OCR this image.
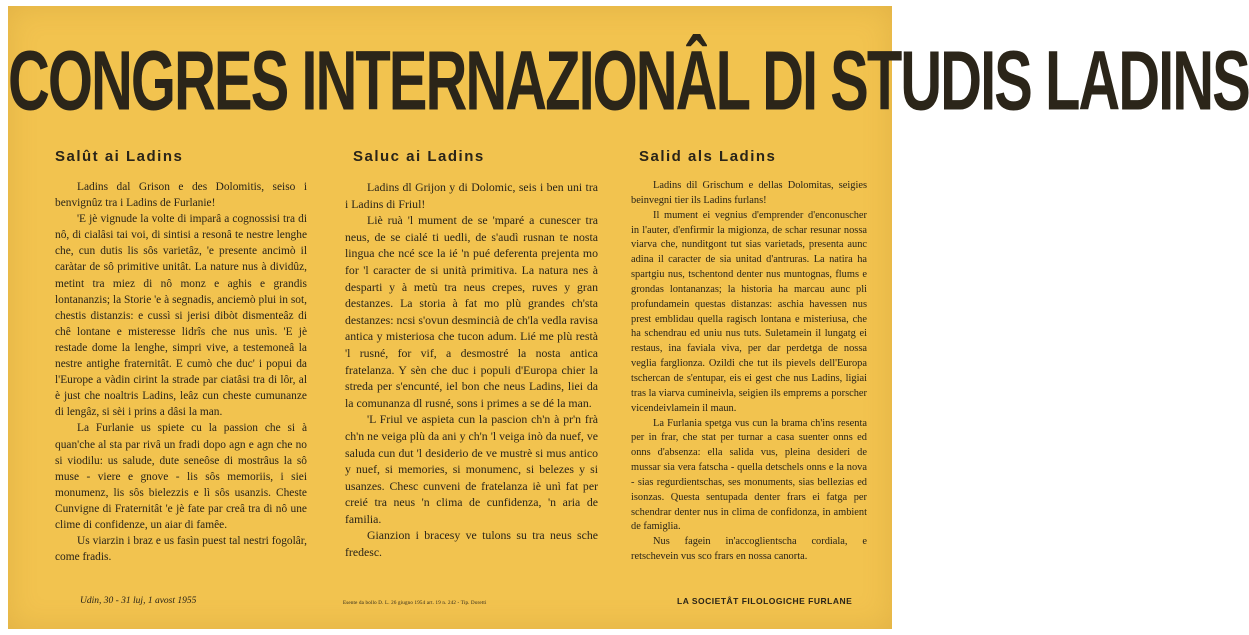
CONGRES INTERNAZIONÂL DI STUDIS LADINS
Salût ai Ladins

Ladins dal Grison e des Dolomitis, seiso i benvignûz tra i Ladins de Furlanie!

'E jè vignude la volte di imparâ a cognossisi tra di nô, di cialâsi tai voi, di sintisi a resonâ te nestre lenghe che, cun dutis lis sôs varietâz, 'e presente ancimò il caràtar de sô primitive unitât. La nature nus à dividûz, metint tra miez di nô monz e aghis e grandis lontananzis; la Storie 'e à segnadis, anciemò plui in sot, chestis distanzis: e cussì si jerisi dibòt dismenteâz di chê lontane e misteresse lidrîs che nus unìs. 'E jè restade dome la lenghe, simpri vive, a testemoneâ la nestre antighe fraternitât. E cumò che duc' i popui da l'Europe a vàdin cirint la strade par ciatâsi tra di lôr, al è just che noaltris Ladins, leâz cun cheste cumunanze di lengâz, si sèi i prins a dâsi la man.

La Furlanie us spiete cu la passion che si à quan'che al sta par rivâ un fradi dopo agn e agn che no si viodilu: us salude, dute seneôse di mostrâus la sô muse - viere e gnove - lis sôs memoriis, i siei monumenz, lis sôs bielezzis e lì sôs usanzis. Cheste Cunvigne di Fraternitât 'e jè fate par creâ tra di nô une clime di confidenze, un aiar di famêe.

Us viarzin i braz e us fasìn puest tal nestri fogolâr, come fradis.

Saluc ai Ladins

Ladins dl Grijon y di Dolomic, seis i ben uni tra i Ladins di Friul!

Liè ruà 'l mument de se 'mparé a cunescer tra neus, de se cialé ti uedli, de s'audì rusnan te nosta lingua che ncé sce la ié 'n pué deferenta prejenta mo for 'l caracter de si unità primitiva. La natura nes à desparti y à metù tra neus crepes, ruves y gran destanzes. La storia à fat mo plù grandes ch'sta destanzes: ncsi s'ovun desmincià de ch'la vedla ravisa antica y misteriosa che tucon adum. Lié me plù restà 'l rusné, for vif, a desmostré la nosta antica fratelanza. Y sèn che duc i populi d'Europa chier la streda per s'encunté, iel bon che neus Ladins, liei da la comunanza dl rusné, sons i primes a se dé la man.

'L Friul ve aspieta cun la pascion ch'n à pr'n frà ch'n ne veiga plù da ani y ch'n 'l veiga inò da nuef, ve saluda cun dut 'l desiderio de ve mustrè si mus antico y nuef, si memories, si monumenc, si belezes y si usanzes. Chesc cunveni de fratelanza iè unì fat per creié tra neus 'n clima de cunfidenza, 'n aria de familia.

Gianzion i bracesy ve tulons su tra neus sche fredesc.

Salid als Ladins

Ladins dil Grischum e dellas Dolomitas, seigies beinvegni tier ils Ladins furlans!

Il mument ei vegnius d'emprender d'enconuscher in l'auter, d'enfirmir la migionza, de schar resunar nossa viarva che, nunditgont tut sias varietads, presenta aunc adina il caracter de sia unitad d'antruras. La natira ha spartgiu nus, tschentond denter nus muntognas, flums e grondas lontananzas; la historia ha marcau aunc pli profundamein questas distanzas: aschia havessen nus prest emblidau quella ragisch lontana e misteriusa, che ha schendrau ed uniu nus tuts. Suletamein il lungatg ei restaus, ina faviala viva, per dar perdetga de nossa veglia farglionza. Ozildi che tut ils pievels dell'Europa tschercan de s'entupar, eis ei gest che nus Ladins, ligiai tras la viarva cumineivla, seigien ils emprems a porscher vicendeivlamein il maun.

La Furlania spetga vus cun la brama ch'ins resenta per in frar, che stat per turnar a casa suenter onns ed onns d'absenza: ella salida vus, pleina desideri de mussar sia vera fatscha - quella detschels onns e la nova - sias regurdientschas, ses monuments, sias bellezias ed isonzas. Questa sentupada denter frars ei fatga per schendrar denter nus in clima de confidonza, in ambient de famiglia.

Nus fagein in'accoglientscha cordiala, e retschevein vus sco frars en nossa canorta.

Udin, 30 - 31 luj, 1 avost 1955	Esente da bollo D. L. 26 giugno 1954 art. 19 n. 242 - Tip. Doretti	LA SOCIETÂT FILOLOGICHE FURLANE
